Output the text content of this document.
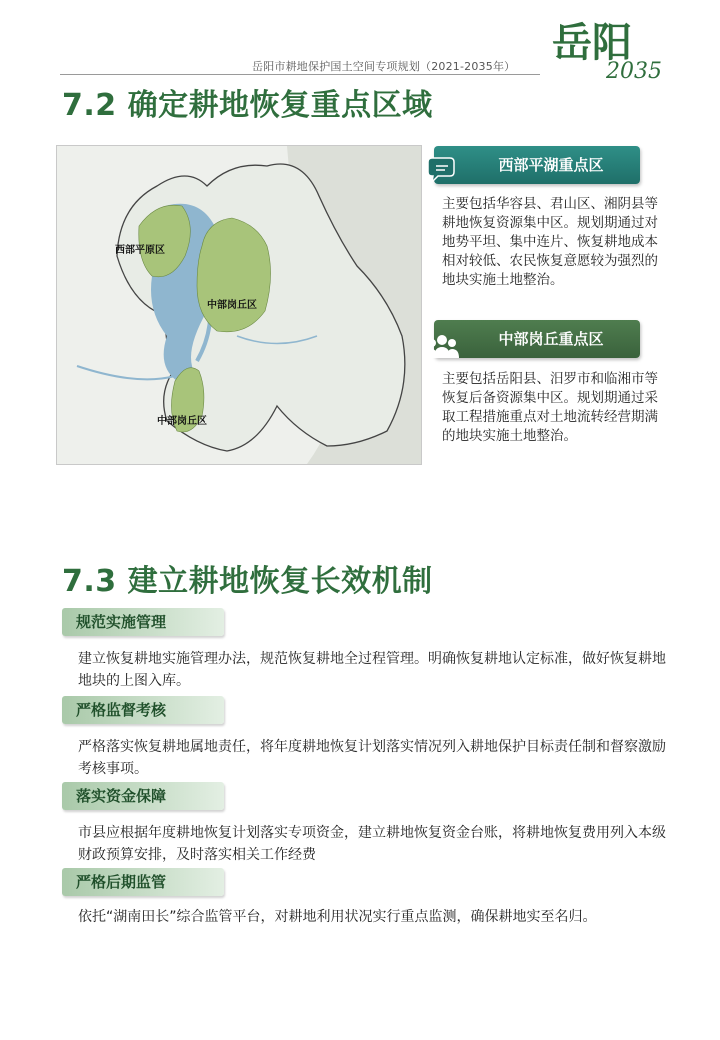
岳阳市耕地保护国土空间专项规划（2021-2035年）
岳阳
2035
7.2 确定耕地恢复重点区域
西部平原区
中部岗丘区
中部岗丘区
西部平湖重点区
主要包括华容县、君山区、湘阴县等耕地恢复资源集中区。规划期通过对地势平坦、集中连片、恢复耕地成本相对较低、农民恢复意愿较为强烈的地块实施土地整治。
中部岗丘重点区
主要包括岳阳县、汨罗市和临湘市等恢复后备资源集中区。规划期通过采取工程措施重点对土地流转经营期满的地块实施土地整治。
7.3 建立耕地恢复长效机制
规范实施管理
建立恢复耕地实施管理办法，规范恢复耕地全过程管理。明确恢复耕地认定标准，做好恢复耕地地块的上图入库。
严格监督考核
严格落实恢复耕地属地责任，将年度耕地恢复计划落实情况列入耕地保护目标责任制和督察激励考核事项。
落实资金保障
市县应根据年度耕地恢复计划落实专项资金，建立耕地恢复资金台账，将耕地恢复费用列入本级财政预算安排，及时落实相关工作经费
严格后期监管
依托“湖南田长”综合监管平台，对耕地利用状况实行重点监测，确保耕地实至名归。
